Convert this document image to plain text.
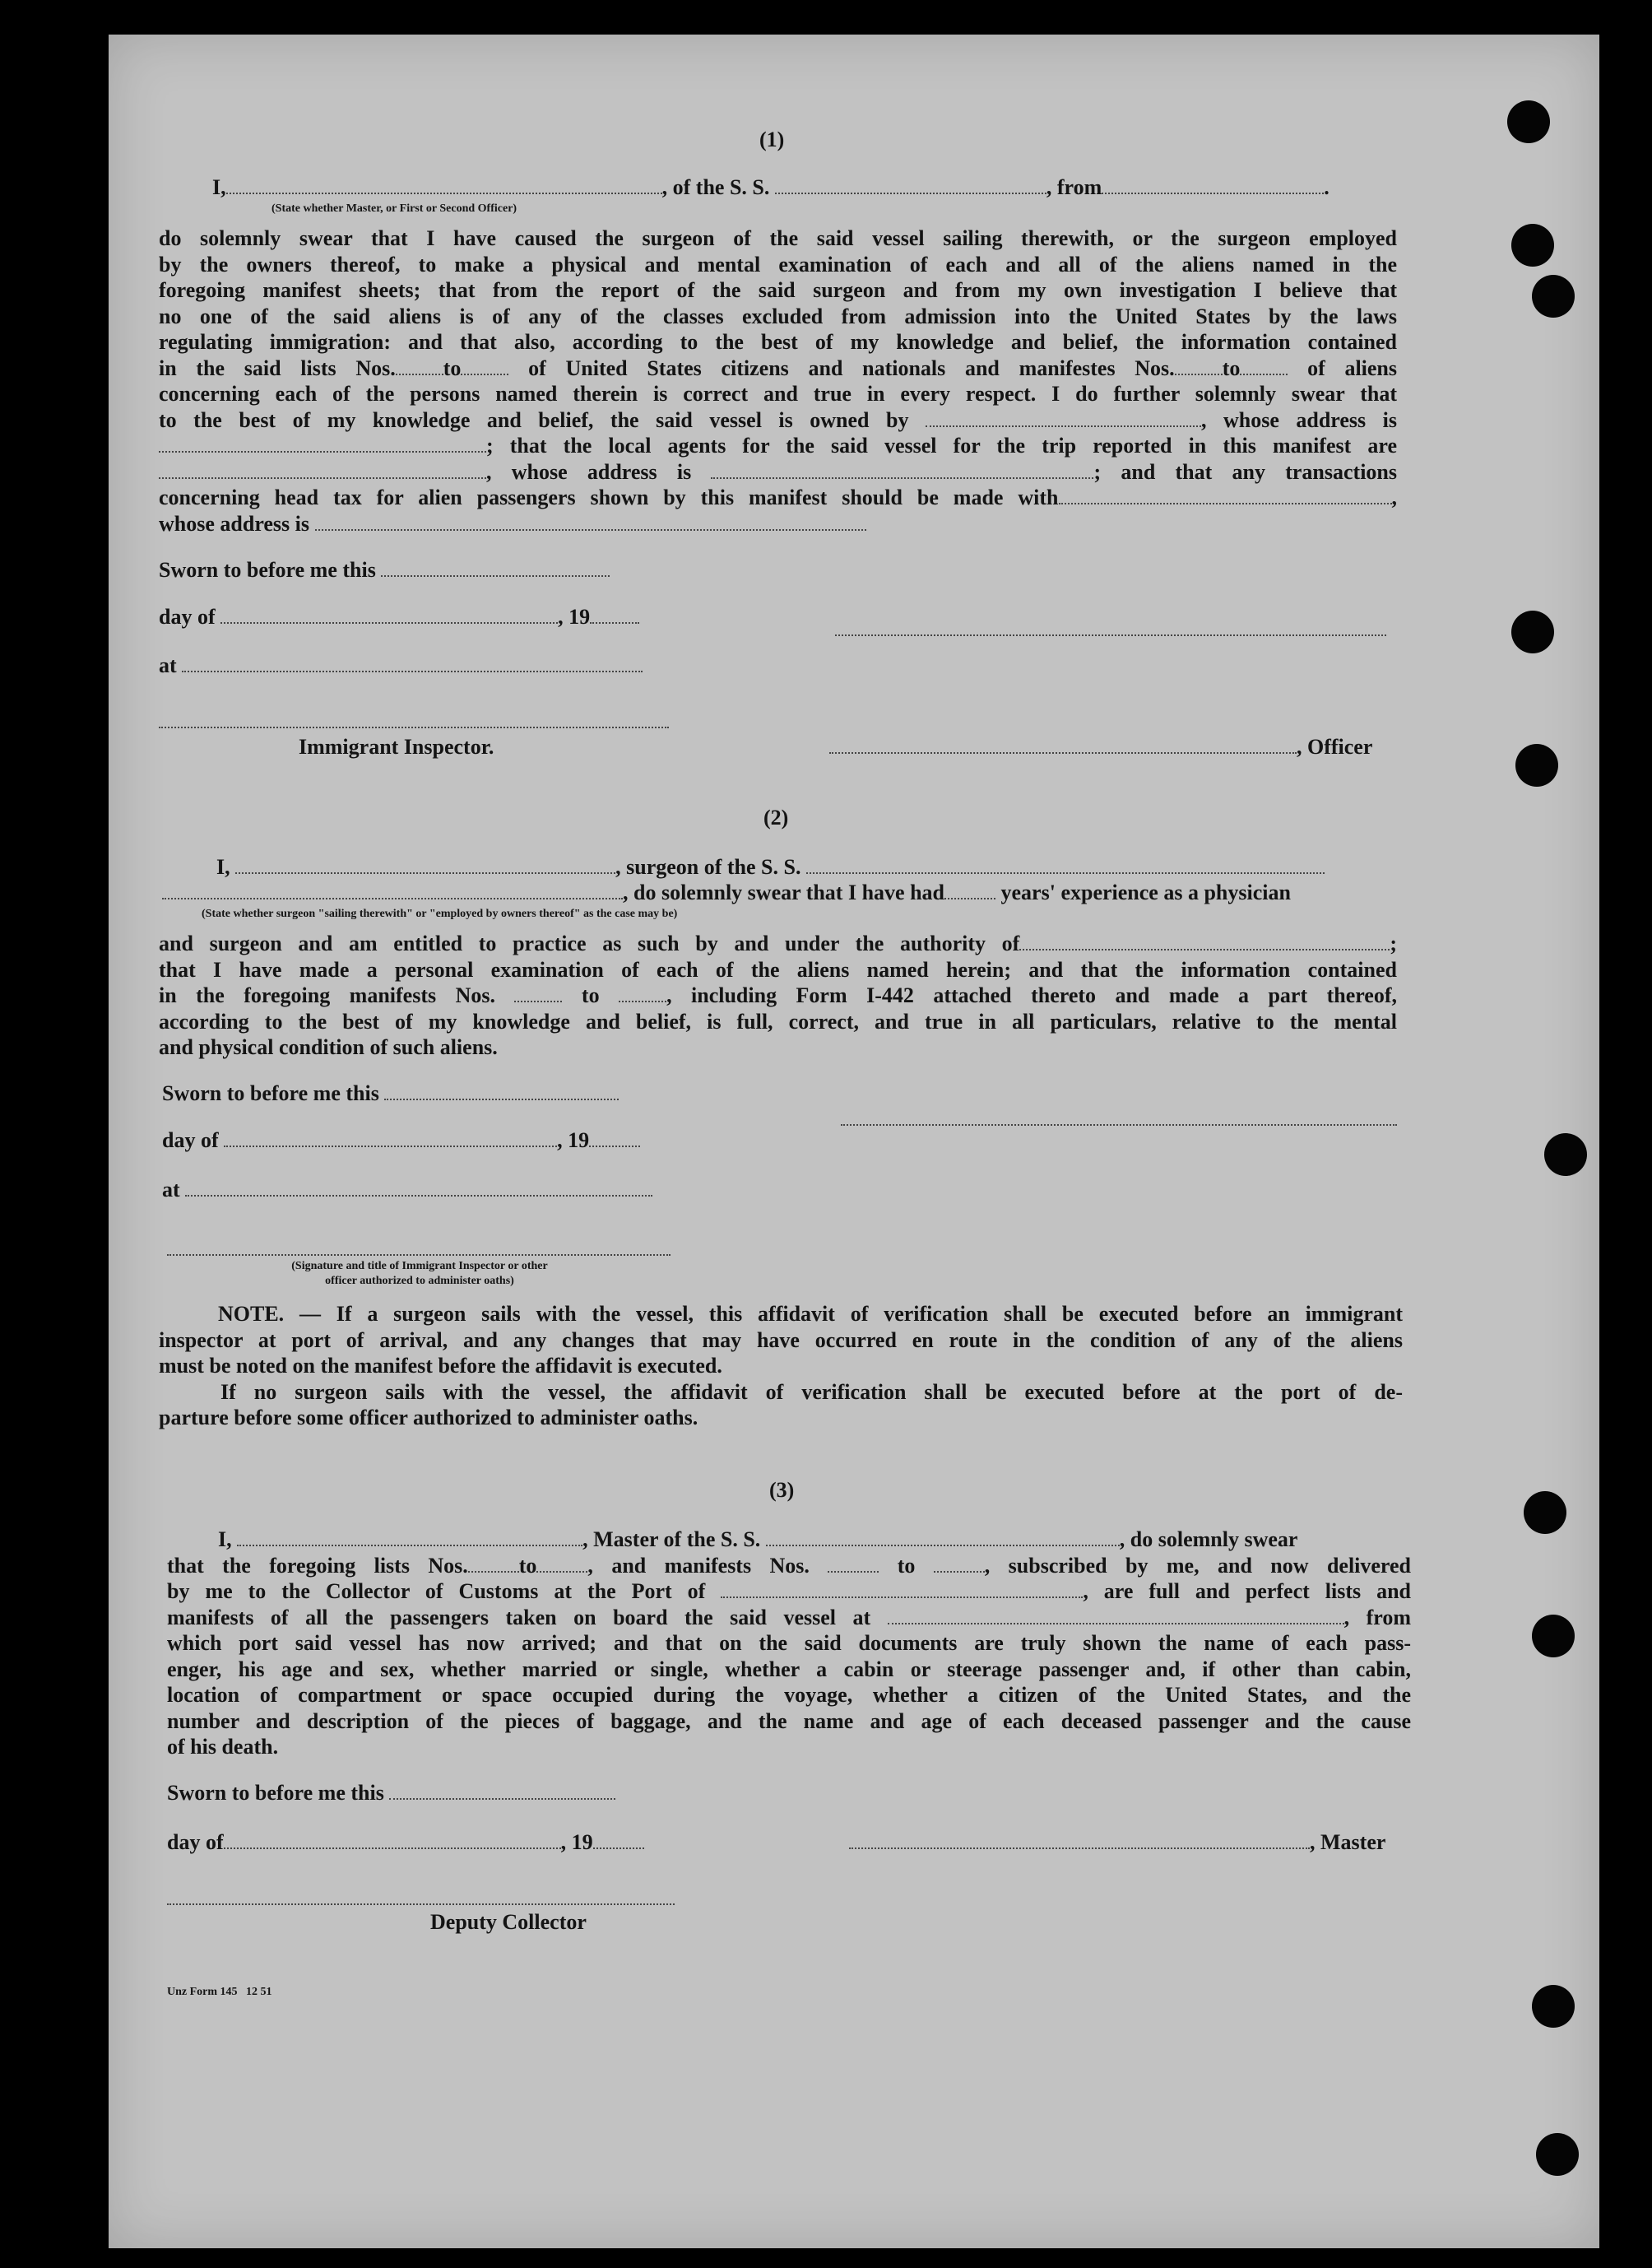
(1)
I,	, of the S. S.	, from	.
(State whether Master, or First or Second Officer)
do solemnly swear that I have caused the surgeon of the said vessel sailing therewith, or the surgeon employed
by the owners thereof, to make a physical and mental examination of each and all of the aliens named in the
foregoing manifest sheets; that from the report of the said surgeon and from my own investigation I believe that
no one of the said aliens is of any of the classes excluded from admission into the United States by the laws
regulating immigration: and that also, according to the best of my knowledge and belief, the information contained
in the said lists Nos. to	of United States citizens and nationals and manifestes Nos. to	of aliens
concerning each of the persons named therein is correct and true in every respect. I do further solemnly swear that
to the best of my knowledge and belief, the said vessel is owned by	, whose address is
; that the local agents for the said vessel for the trip reported in this manifest are
, whose address is	; and that any transactions
concerning head tax for alien passengers shown by this manifest should be made with	,
whose address is
Sworn to before me this
day of	, 19
at
Immigrant Inspector.	, Officer
(2)
I,	, surgeon of the S. S.
, do solemnly swear that I have had	years' experience as a physician
(State whether surgeon "sailing therewith" or "employed by owners thereof" as the case may be)
and surgeon and am entitled to practice as such by and under the authority of	;
that I have made a personal examination of each of the aliens named herein; and that the information contained
in the foregoing manifests Nos.	to	, including Form I-442 attached thereto and made a part thereof,
according to the best of my knowledge and belief, is full, correct, and true in all particulars, relative to the mental
and physical condition of such aliens.
Sworn to before me this
day of	, 19
at
(Signature and title of Immigrant Inspector or other
officer authorized to administer oaths)
NOTE. — If a surgeon sails with the vessel, this affidavit of verification shall be executed before an immigrant
inspector at port of arrival, and any changes that may have occurred en route in the condition of any of the aliens
must be noted on the manifest before the affidavit is executed.
If no surgeon sails with the vessel, the affidavit of verification shall be executed before at the port of de-
parture before some officer authorized to administer oaths.
(3)
I,	, Master of the S. S.	, do solemnly swear
that the foregoing lists Nos. to , and manifests Nos.	to	, subscribed by me, and now delivered
by me to the Collector of Customs at the Port of	, are full and perfect lists and
manifests of all the passengers taken on board the said vessel at	, from
which port said vessel has now arrived; and that on the said documents are truly shown the name of each pass-
enger, his age and sex, whether married or single, whether a cabin or steerage passenger and, if other than cabin,
location of compartment or space occupied during the voyage, whether a citizen of the United States, and the
number and description of the pieces of baggage, and the name and age of each deceased passenger and the cause
of his death.
Sworn to before me this
day of	, 19	, Master
Deputy Collector
Unz Form 145   12 51
